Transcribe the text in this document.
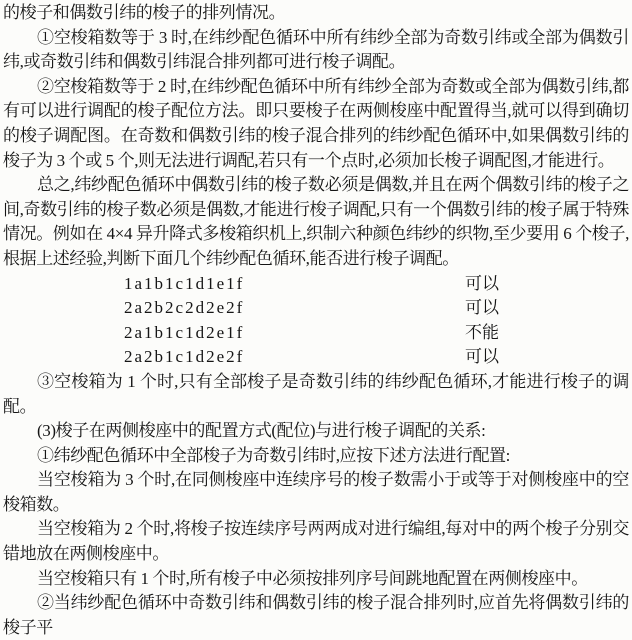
的梭子和偶数引纬的梭子的排列情况。

①空梭箱数等于 3 时,在纬纱配色循环中所有纬纱全部为奇数引纬或全部为偶数引纬,或奇数引纬和偶数引纬混合排列都可进行梭子调配。

②空梭箱数等于 2 时,在纬纱配色循环中所有纬纱全部为奇数或全部为偶数引纬,都有可以进行调配的梭子配位方法。即只要梭子在两侧梭座中配置得当,就可以得到确切的梭子调配图。在奇数和偶数引纬的梭子混合排列的纬纱配色循环中,如果偶数引纬的梭子为 3 个或 5 个,则无法进行调配,若只有一个点时,必须加长梭子调配图,才能进行。

总之,纬纱配色循环中偶数引纬的梭子数必须是偶数,并且在两个偶数引纬的梭子之间,奇数引纬的梭子数必须是偶数,才能进行梭子调配,只有一个偶数引纬的梭子属于特殊情况。例如在 4×4 异升降式多梭箱织机上,织制六种颜色纬纱的织物,至少要用 6 个梭子,根据上述经验,判断下面几个纬纱配色循环,能否进行梭子调配。

1a1b1c1d1e1f	可以
2a2b2c2d2e2f	可以
2a1b1c1d2e1f	不能
2a2b1c1d2e2f	可以

③空梭箱为 1 个时,只有全部梭子是奇数引纬的纬纱配色循环,才能进行梭子的调配。

(3)梭子在两侧梭座中的配置方式(配位)与进行梭子调配的关系:

①纬纱配色循环中全部梭子为奇数引纬时,应按下述方法进行配置:

当空梭箱为 3 个时,在同侧梭座中连续序号的梭子数需小于或等于对侧梭座中的空梭箱数。

当空梭箱为 2 个时,将梭子按连续序号两两成对进行编组,每对中的两个梭子分别交错地放在两侧梭座中。

当空梭箱只有 1 个时,所有梭子中必须按排列序号间跳地配置在两侧梭座中。

②当纬纱配色循环中奇数引纬和偶数引纬的梭子混合排列时,应首先将偶数引纬的梭子平
